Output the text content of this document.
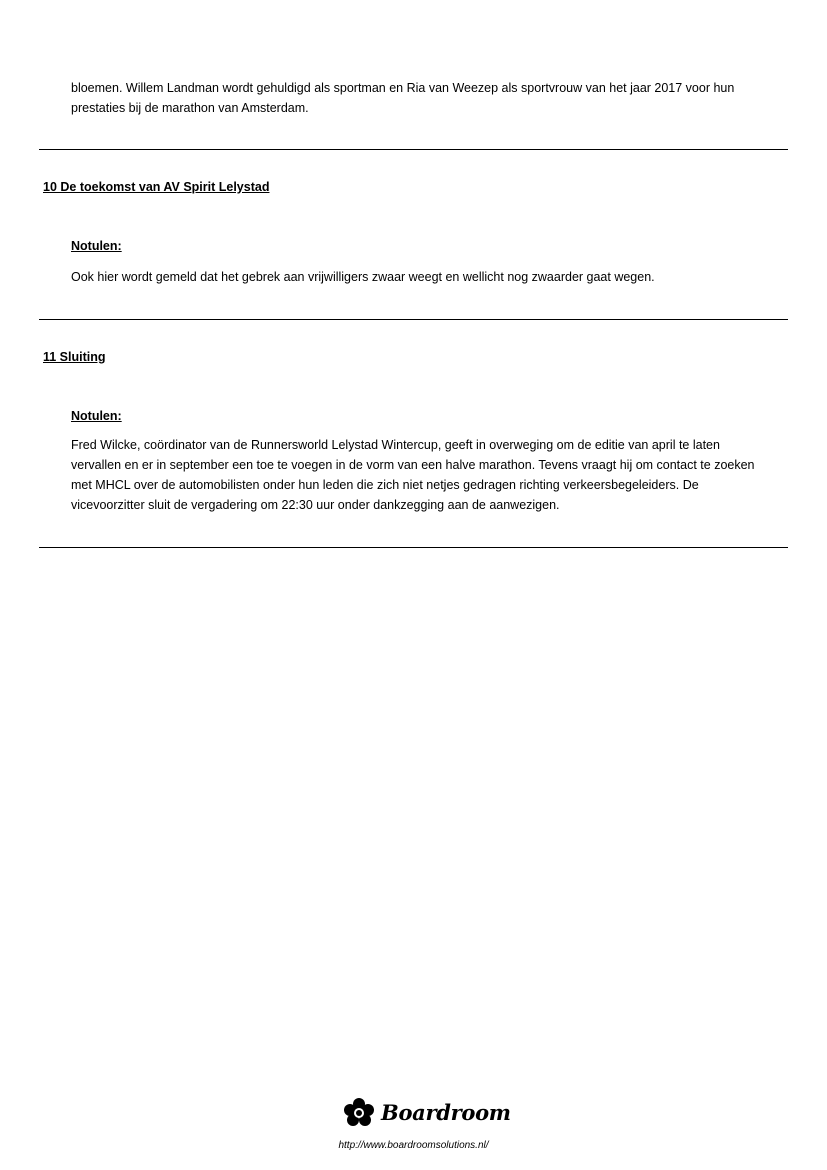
bloemen. Willem Landman wordt gehuldigd als sportman en Ria van Weezep als sportvrouw van het jaar 2017 voor hun prestaties bij de marathon van Amsterdam.

10 De toekomst van AV Spirit Lelystad
Notulen:

Ook hier wordt gemeld dat het gebrek aan vrijwilligers zwaar weegt en wellicht nog zwaarder gaat wegen.

11 Sluiting
Notulen:

Fred Wilcke, coördinator van de Runnersworld Lelystad Wintercup, geeft in overweging om de editie van april te laten vervallen en er in september een toe te voegen in de vorm van een halve marathon. Tevens vraagt hij om contact te zoeken met MHCL over de automobilisten onder hun leden die zich niet netjes gedragen richting verkeersbegeleiders. De vicevoorzitter sluit de vergadering om 22:30 uur onder dankzegging aan de aanwezigen.

Boardroom
http://www.boardroomsolutions.nl/
